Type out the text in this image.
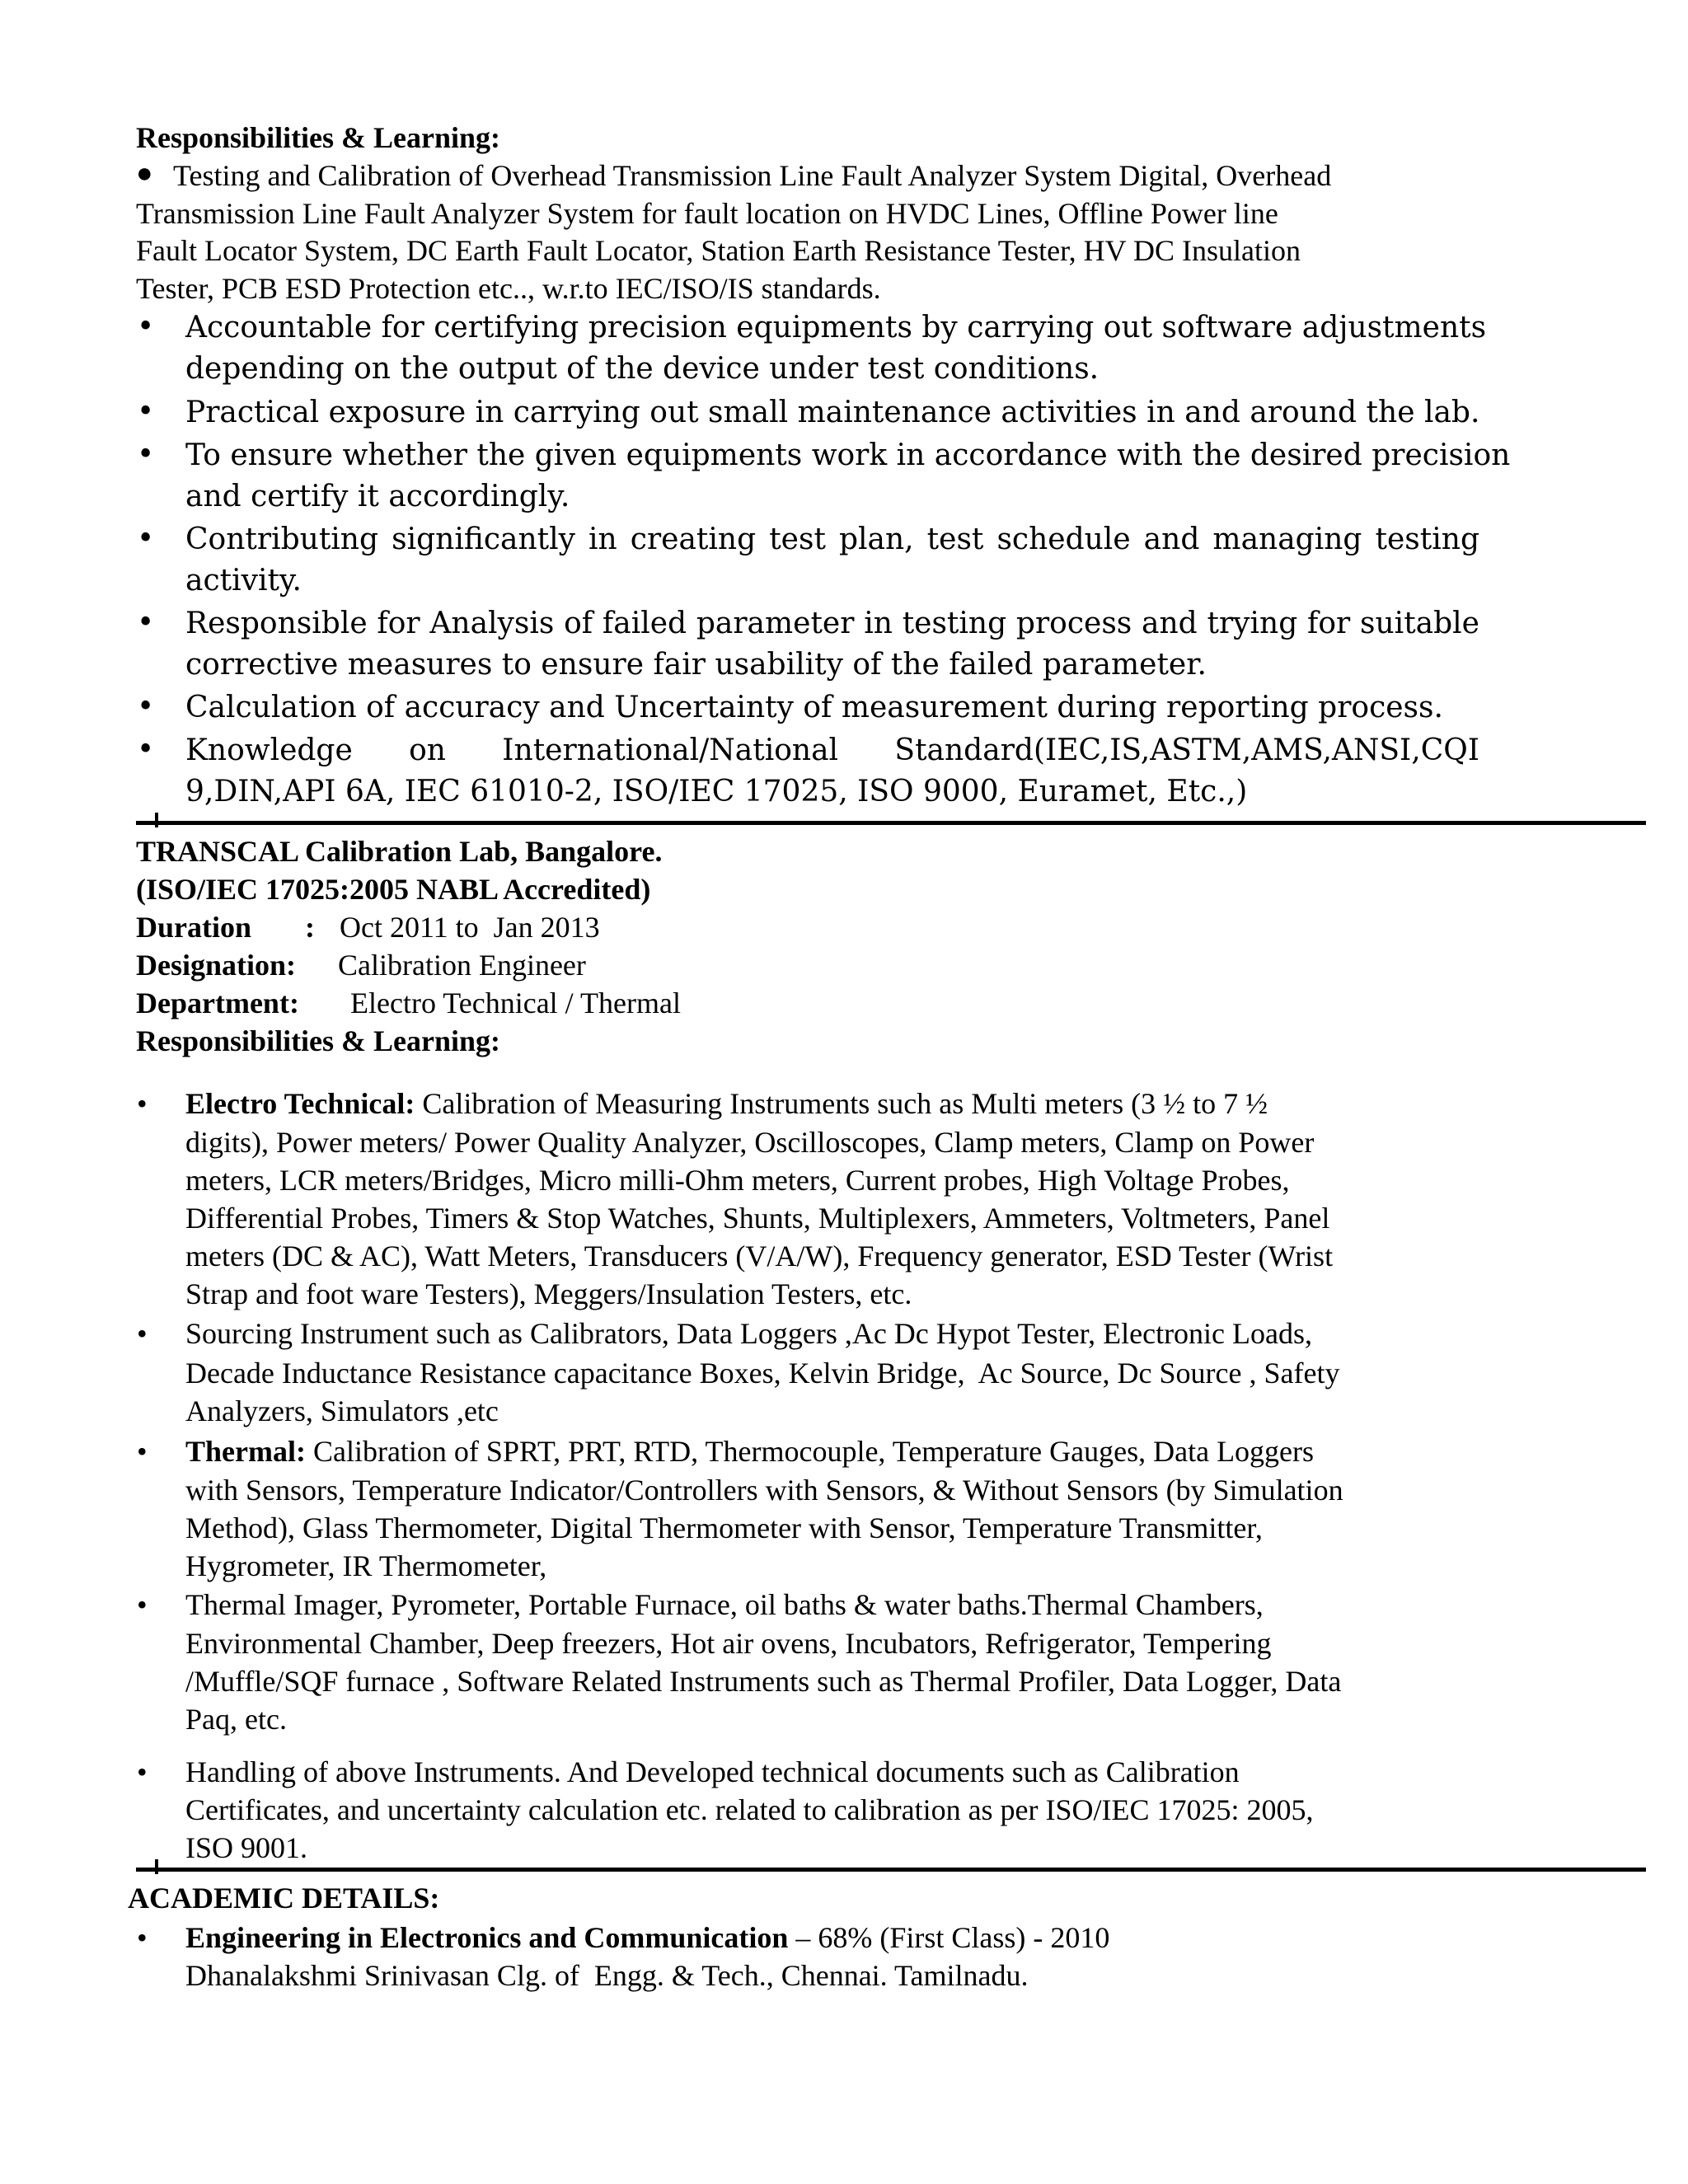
Responsibilities & Learning:
● Testing and Calibration of Overhead Transmission Line Fault Analyzer System Digital, Overhead
Transmission Line Fault Analyzer System for fault location on HVDC Lines, Offline Power line
Fault Locator System, DC Earth Fault Locator, Station Earth Resistance Tester, HV DC Insulation
Tester, PCB ESD Protection etc.., w.r.to IEC/ISO/IS standards.
• Accountable for certifying precision equipments by carrying out software adjustments
depending on the output of the device under test conditions.
• Practical exposure in carrying out small maintenance activities in and around the lab.
• To ensure whether the given equipments work in accordance with the desired precision
and certify it accordingly.
• Contributing significantly in creating test plan, test schedule and managing testing
activity.
• Responsible for Analysis of failed parameter in testing process and trying for suitable
corrective measures to ensure fair usability of the failed parameter.
• Calculation of accuracy and Uncertainty of measurement during reporting process.
• Knowledge on International/National Standard(IEC,IS,ASTM,AMS,ANSI,CQI
9,DIN,API 6A, IEC 61010-2, ISO/IEC 17025, ISO 9000, Euramet, Etc.,)
TRANSCAL Calibration Lab, Bangalore.
(ISO/IEC 17025:2005 NABL Accredited)
Duration : Oct 2011 to  Jan 2013
Designation: Calibration Engineer
Department: Electro Technical / Thermal
Responsibilities & Learning:
• Electro Technical: Calibration of Measuring Instruments such as Multi meters (3 ½ to 7 ½
digits), Power meters/ Power Quality Analyzer, Oscilloscopes, Clamp meters, Clamp on Power
meters, LCR meters/Bridges, Micro milli-Ohm meters, Current probes, High Voltage Probes,
Differential Probes, Timers & Stop Watches, Shunts, Multiplexers, Ammeters, Voltmeters, Panel
meters (DC & AC), Watt Meters, Transducers (V/A/W), Frequency generator, ESD Tester (Wrist
Strap and foot ware Testers), Meggers/Insulation Testers, etc.
• Sourcing Instrument such as Calibrators, Data Loggers ,Ac Dc Hypot Tester, Electronic Loads,
Decade Inductance Resistance capacitance Boxes, Kelvin Bridge,  Ac Source, Dc Source , Safety
Analyzers, Simulators ,etc
• Thermal: Calibration of SPRT, PRT, RTD, Thermocouple, Temperature Gauges, Data Loggers
with Sensors, Temperature Indicator/Controllers with Sensors, & Without Sensors (by Simulation
Method), Glass Thermometer, Digital Thermometer with Sensor, Temperature Transmitter,
Hygrometer, IR Thermometer,
• Thermal Imager, Pyrometer, Portable Furnace, oil baths & water baths.Thermal Chambers,
Environmental Chamber, Deep freezers, Hot air ovens, Incubators, Refrigerator, Tempering
/Muffle/SQF furnace , Software Related Instruments such as Thermal Profiler, Data Logger, Data
Paq, etc.
• Handling of above Instruments. And Developed technical documents such as Calibration
Certificates, and uncertainty calculation etc. related to calibration as per ISO/IEC 17025: 2005,
ISO 9001.
ACADEMIC DETAILS:
• Engineering in Electronics and Communication – 68% (First Class) - 2010
Dhanalakshmi Srinivasan Clg. of  Engg. & Tech., Chennai. Tamilnadu.
